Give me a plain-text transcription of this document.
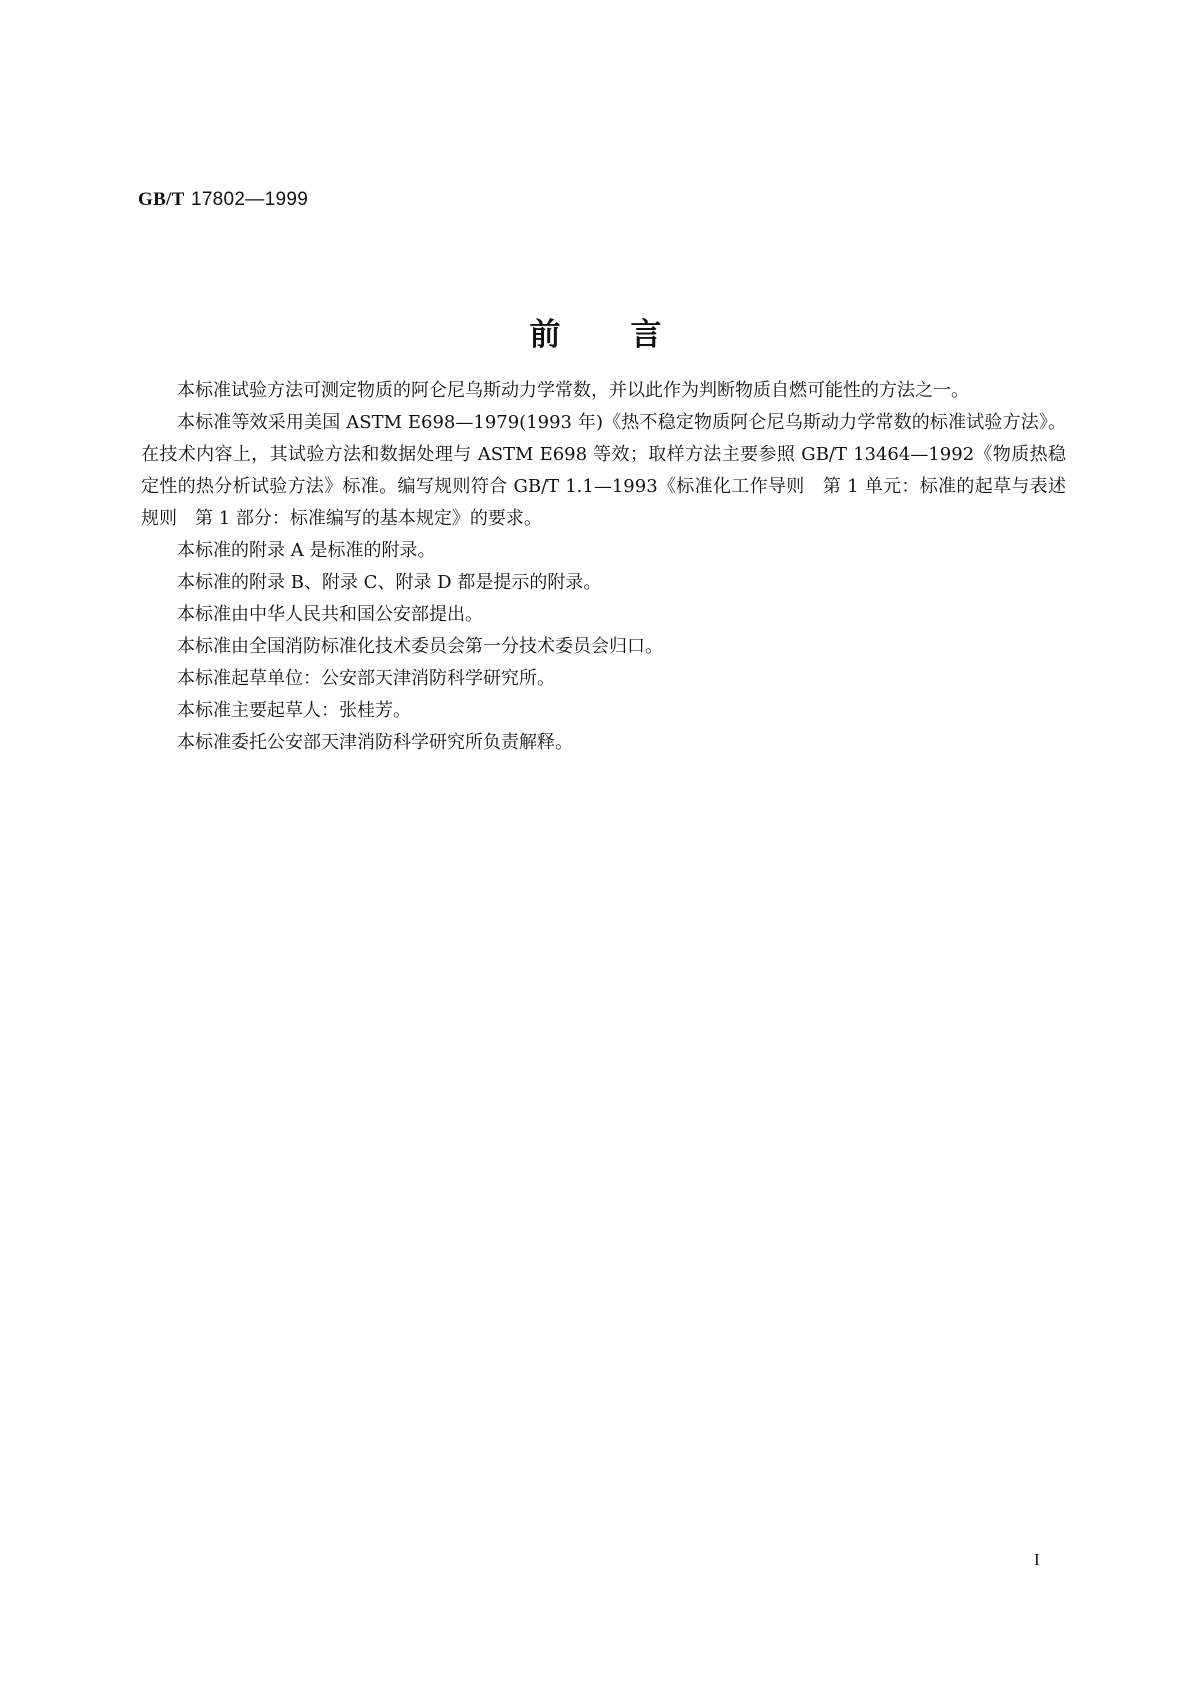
GB/T 17802—1999
前言

本标准试验方法可测定物质的阿仑尼乌斯动力学常数，并以此作为判断物质自燃可能性的方法之一。

本标准等效采用美国 ASTM E698—1979(1993 年)《热不稳定物质阿仑尼乌斯动力学常数的标准试验方法》。在技术内容上，其试验方法和数据处理与 ASTM E698 等效；取样方法主要参照 GB/T 13464—1992《物质热稳定性的热分析试验方法》标准。编写规则符合 GB/T 1.1—1993《标准化工作导则　第 1 单元：标准的起草与表述规则　第 1 部分：标准编写的基本规定》的要求。

本标准的附录 A 是标准的附录。

本标准的附录 B、附录 C、附录 D 都是提示的附录。

本标准由中华人民共和国公安部提出。

本标准由全国消防标准化技术委员会第一分技术委员会归口。

本标准起草单位：公安部天津消防科学研究所。

本标准主要起草人：张桂芳。

本标准委托公安部天津消防科学研究所负责解释。

I
